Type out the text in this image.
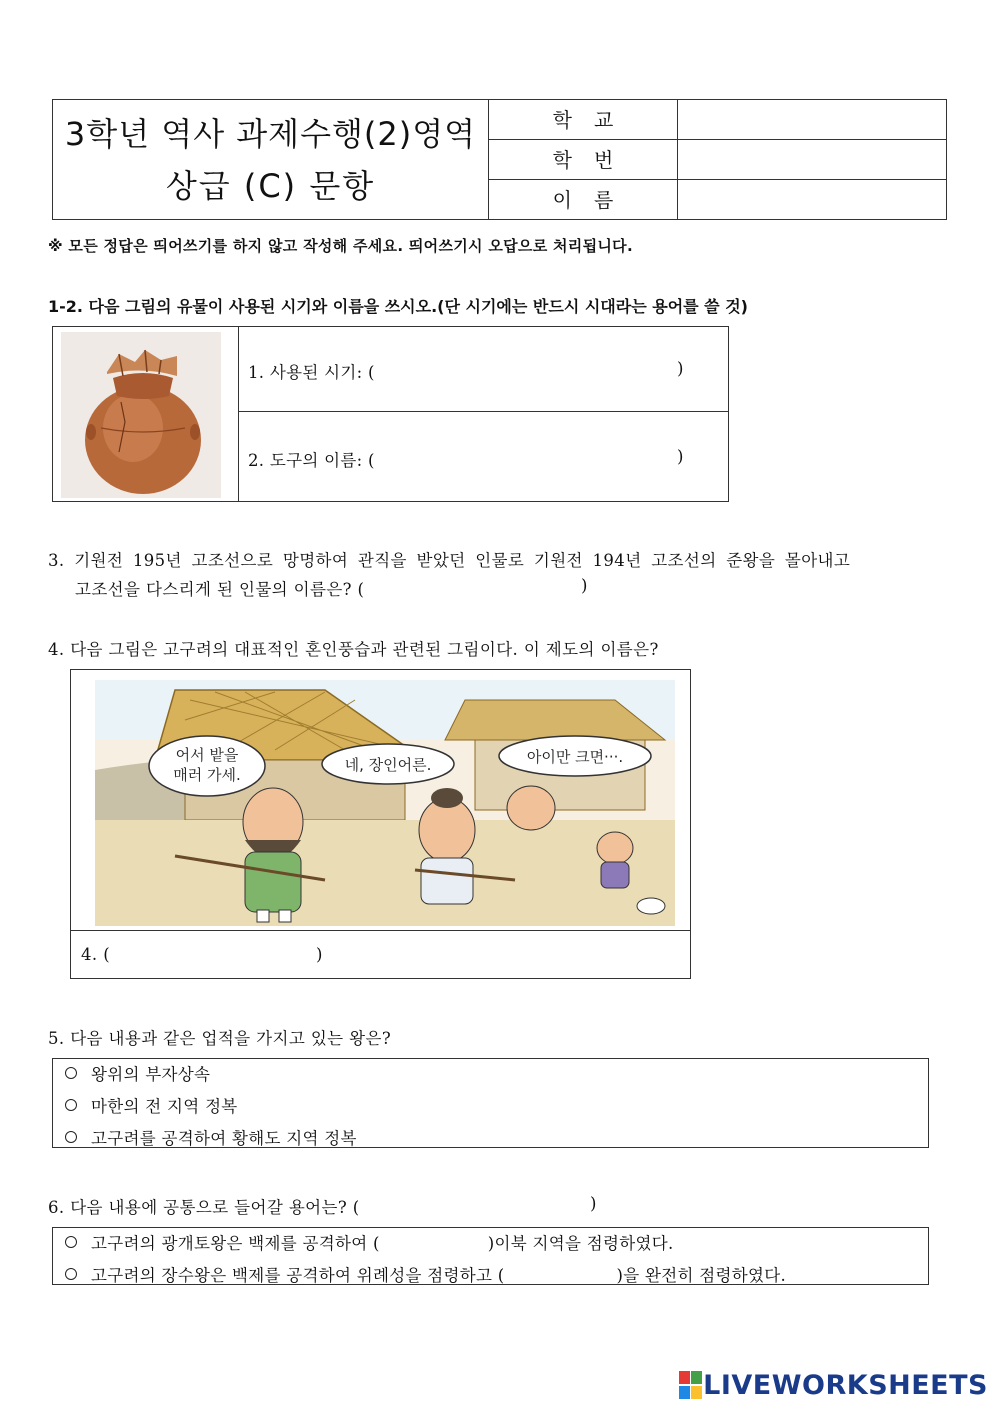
3학년 역사 과제수행(2)영역
상급 (C) 문항
학교
학번
이름
※ 모든 정답은 띄어쓰기를 하지 않고 작성해 주세요. 띄어쓰기시 오답으로 처리됩니다.
1-2. 다음 그림의 유물이 사용된 시기와 이름을 쓰시오.(단 시기에는 반드시 시대라는 용어를 쓸 것)
1. 사용된 시기: (	)
2. 도구의 이름: (	)
3. 기원전 195년 고조선으로 망명하여 관직을 받았던 인물로 기원전 194년 고조선의 준왕을 몰아내고
고조선을 다스리게 된 인물의 이름은? (	)
4. 다음 그림은 고구려의 대표적인 혼인풍습과 관련된 그림이다. 이 제도의 이름은?
어서 밭을
매러 가세.
네, 장인어른.	아이만 크면···.
4. (	)
5. 다음 내용과 같은 업적을 가지고 있는 왕은?
왕위의 부자상속
마한의 전 지역 정복
고구려를 공격하여 황해도 지역 정복
6. 다음 내용에 공통으로 들어갈 용어는? (	)
고구려의 광개토왕은 백제를 공격하여 (	)이북 지역을 점령하였다.
고구려의 장수왕은 백제를 공격하여 위례성을 점령하고 (	)을 완전히 점령하였다.
LIVEWORKSHEETS
